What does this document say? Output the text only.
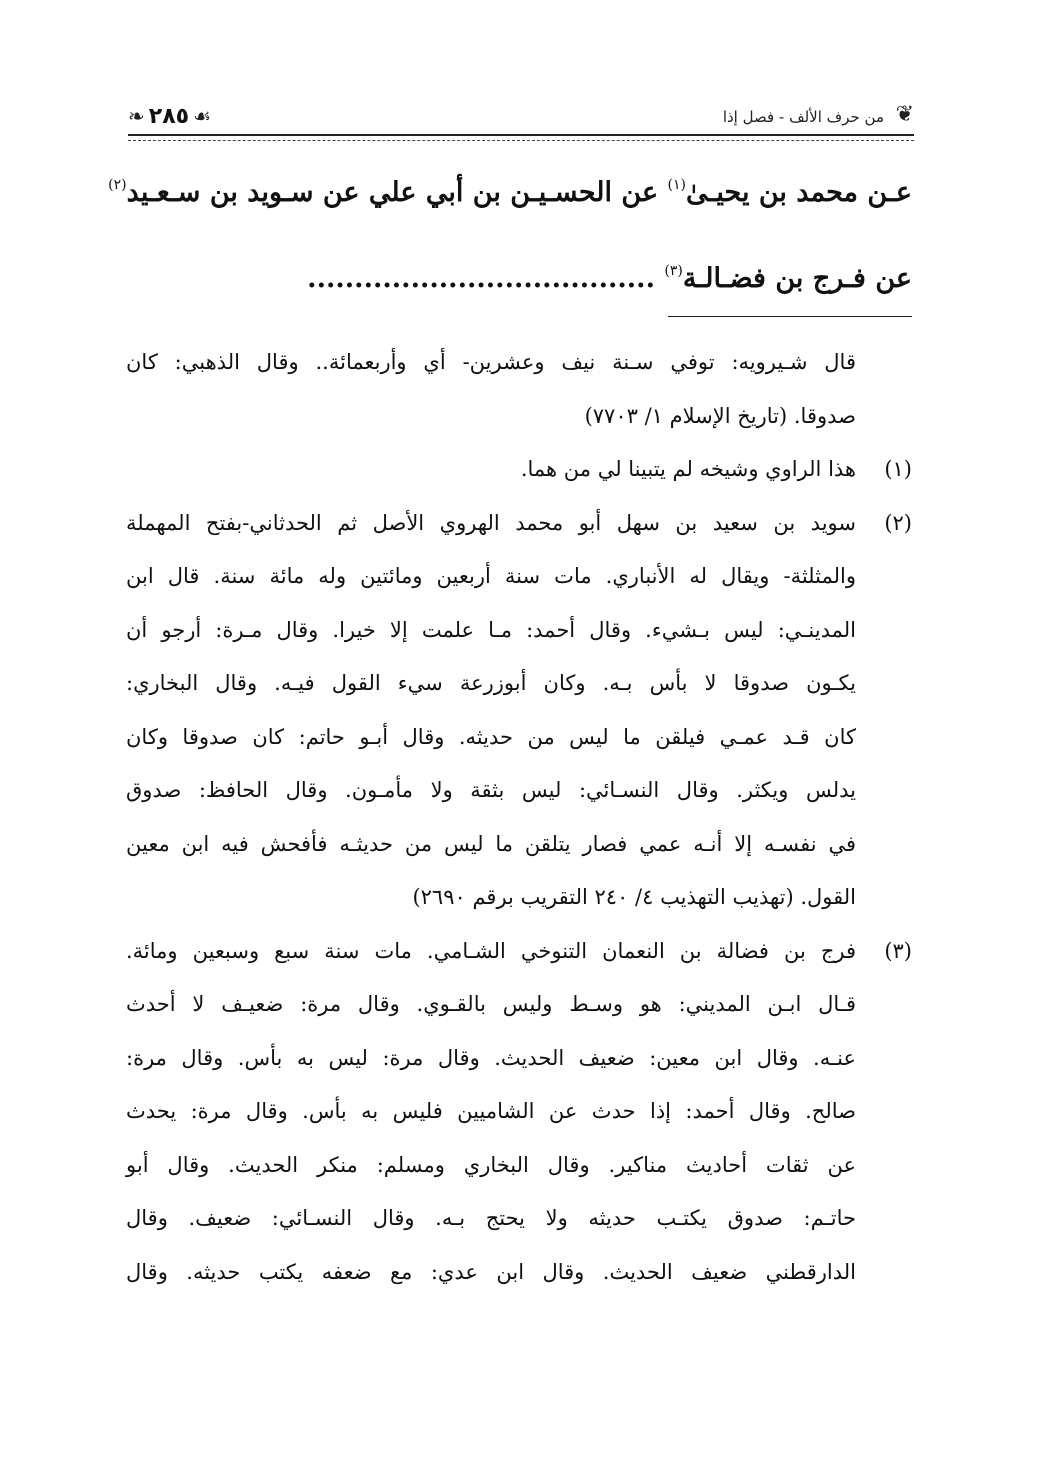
❦
من حرف الألف - فصل إذا
❧ ٢٨٥ ☙
عـن محمد بن يحيـىٰ$^{(١)}$ عن الحسـيـن بن أبي علي عن سـويد بن سـعـيد$^{(٢)}$
عن فـرج بن فضـالـة$^{(٣)}$ .....................................
قال شـيرويه: توفي سـنة نيف وعشرين- أي وأربعمائة.. وقال الذهبي: كان
صدوقا. (تاريخ الإسلام ١/ ٧٧٠٣)
(١)
هذا الراوي وشيخه لم يتبينا لي من هما.
(٢)
سويد بن سعيد بن سهل أبو محمد الهروي الأصل ثم الحدثاني-بفتح المهملة
والمثلثة- ويقال له الأنباري. مات سنة أربعين ومائتين وله مائة سنة. قال ابن
المدينـي: ليس بـشيء. وقال أحمد: مـا علمت إلا خيرا. وقال مـرة: أرجو أن
يكـون صدوقا لا بأس بـه. وكان أبوزرعة سيء القول فيـه. وقال البخاري:
كان قـد عمـي فيلقن ما ليس من حديثه. وقال أبـو حاتم: كان صدوقا وكان
يدلس ويكثر. وقال النسـائي: ليس بثقة ولا مأمـون. وقال الحافظ: صدوق
في نفسـه إلا أنـه عمي فصار يتلقن ما ليس من حديثـه فأفحش فيه ابن معين
القول. (تهذيب التهذيب ٤/ ٢٤٠ التقريب برقم ٢٦٩٠)
(٣)
فرج بن فضالة بن النعمان التنوخي الشـامي. مات سنة سبع وسبعين ومائة.
قـال ابـن المديني: هو وسـط وليس بالقـوي. وقال مرة: ضعيـف لا أحدث
عنـه. وقال ابن معين: ضعيف الحديث. وقال مرة: ليس به بأس. وقال مرة:
صالح. وقال أحمد: إذا حدث عن الشاميين فليس به بأس. وقال مرة: يحدث
عن ثقات أحاديث مناكير. وقال البخاري ومسلم: منكر الحديث. وقال أبو
حاتـم: صدوق يكتـب حديثه ولا يحتج بـه. وقال النسـائي: ضعيف. وقال
الدارقطني ضعيف الحديث. وقال ابن عدي: مع ضعفه يكتب حديثه. وقال
